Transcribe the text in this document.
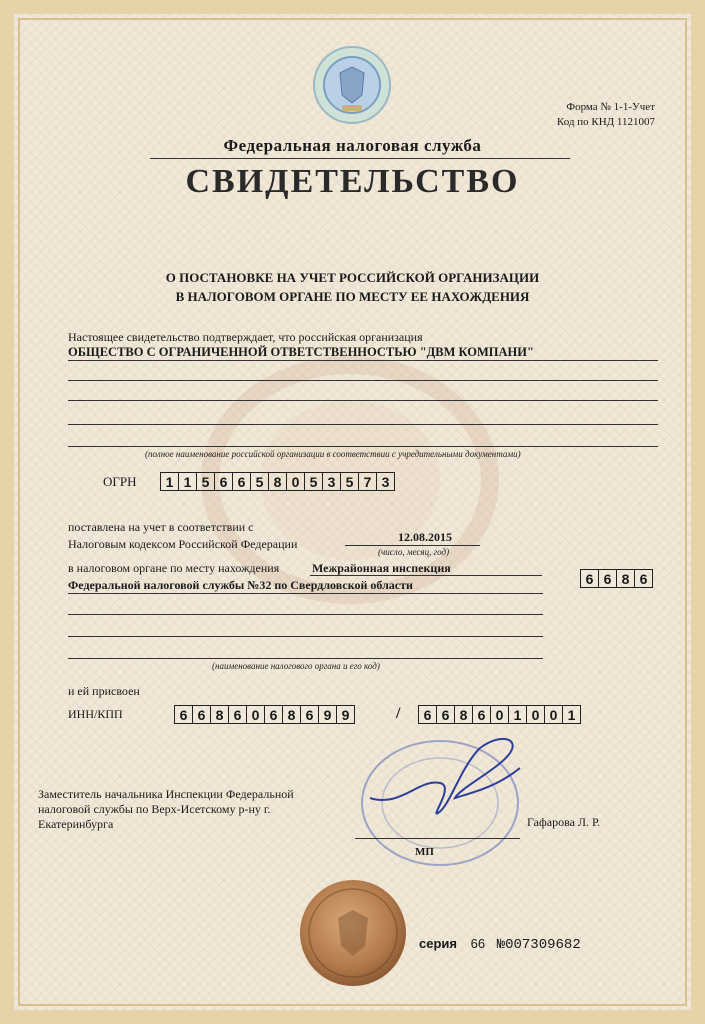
Форма № 1-1-Учет
Код по КНД 1121007
Федеральная налоговая служба
СВИДЕТЕЛЬСТВО
О ПОСТАНОВКЕ НА УЧЕТ РОССИЙСКОЙ ОРГАНИЗАЦИИ
В НАЛОГОВОМ ОРГАНЕ ПО МЕСТУ ЕЕ НАХОЖДЕНИЯ
Настоящее свидетельство подтверждает, что российская организация
ОБЩЕСТВО С ОГРАНИЧЕННОЙ ОТВЕТСТВЕННОСТЬЮ "ДВМ КОМПАНИ"
(полное наименование российской организации в соответствии с учредительными документами)
ОГРН	1 1 5 6 6 5 8 0 5 3 5 7 3
поставлена на учет в соответствии с
Налоговым кодексом Российской Федерации	12.08.2015
(число, месяц, год)
в налоговом органе по месту нахождения	Межрайонная инспекция
Федеральной налоговой службы №32 по Свердловской области	6 6 8 6
(наименование налогового органа и его код)
и ей присвоен
ИНН/КПП	6 6 8 6 0 6 8 6 9 9	/	6 6 8 6 0 1 0 0 1
Заместитель начальника Инспекции Федеральной
налоговой службы по Верх-Исетскому р-ну г.
Екатеринбурга	Гафарова Л. Р.
МП
серия 66 №007309682
